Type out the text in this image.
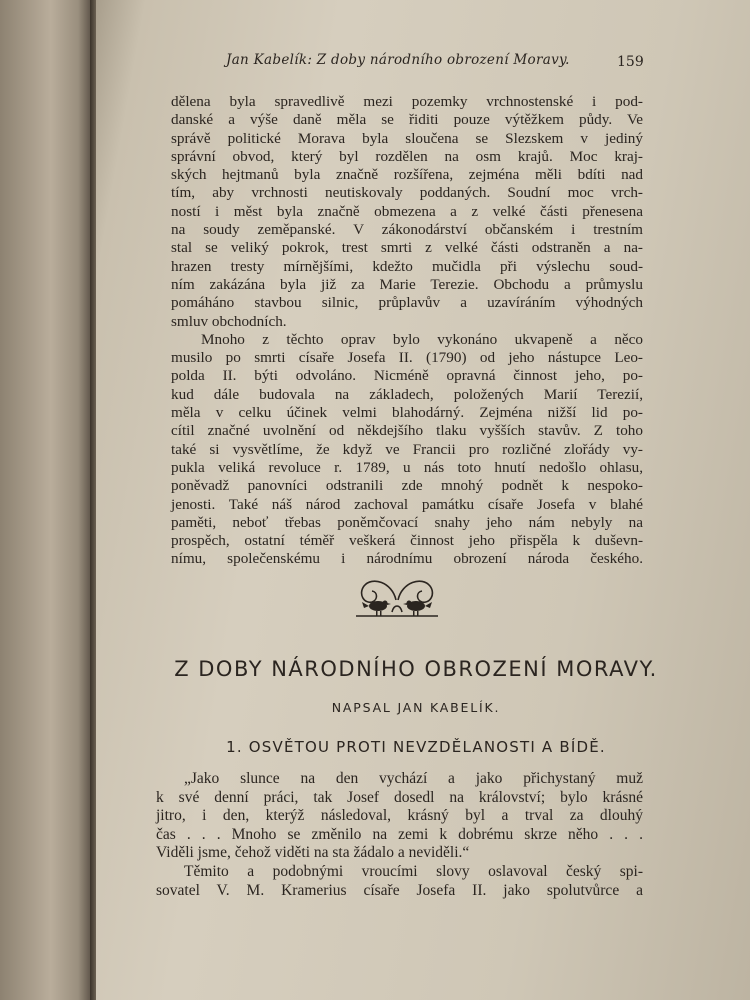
Jan Kabelík: Z doby národního obrození Moravy.	159
dělena byla spravedlivě mezi pozemky vrchnostenské i pod-
danské a výše daně měla se řiditi pouze výtěžkem půdy. Ve
správě politické Morava byla sloučena se Slezskem v jediný
správní obvod, který byl rozdělen na osm krajů. Moc kraj-
ských hejtmanů byla značně rozšířena, zejména měli bdíti nad
tím, aby vrchnosti neutiskovaly poddaných. Soudní moc vrch-
ností i měst byla značně obmezena a z velké části přenesena
na soudy zeměpanské. V zákonodárství občanském i trestním
stal se veliký pokrok, trest smrti z velké části odstraněn a na-
hrazen tresty mírnějšími, kdežto mučidla při výslechu soud-
ním zakázána byla již za Marie Terezie. Obchodu a průmyslu
pomáháno stavbou silnic, průplavův a uzavíráním výhodných
smluv obchodních.
Mnoho z těchto oprav bylo vykonáno ukvapeně a něco
musilo po smrti císaře Josefa II. (1790) od jeho nástupce Leo-
polda II. býti odvoláno. Nicméně opravná činnost jeho, po-
kud dále budovala na základech, položených Marií Terezií,
měla v celku účinek velmi blahodárný. Zejména nižší lid po-
cítil značné uvolnění od někdejšího tlaku vyšších stavův. Z toho
také si vysvětlíme, že když ve Francii pro rozličné zlořády vy-
pukla veliká revoluce r. 1789, u nás toto hnutí nedošlo ohlasu,
poněvadž panovníci odstranili zde mnohý podnět k nespoko-
jenosti. Také náš národ zachoval památku císaře Josefa v blahé
paměti, neboť třebas poněmčovací snahy jeho nám nebyly na
prospěch, ostatní téměř veškerá činnost jeho přispěla k duševn-
nímu, společenskému i národnímu obrození národa českého.
Z DOBY NÁRODNÍHO OBROZENÍ MORAVY.
NAPSAL JAN KABELÍK.
1. OSVĚTOU PROTI NEVZDĚLANOSTI A BÍDĚ.
„Jako slunce na den vychází a jako přichystaný muž
k své denní práci, tak Josef dosedl na království; bylo krásné
jitro, i den, kterýž následoval, krásný byl a trval za dlouhý
čas . . . Mnoho se změnilo na zemi k dobrému skrze něho . . .
Viděli jsme, čehož viděti na sta žádalo a neviděli.“
Těmito a podobnými vroucími slovy oslavoval český spi-
sovatel V. M. Kramerius císaře Josefa II. jako spolutvůrce a
